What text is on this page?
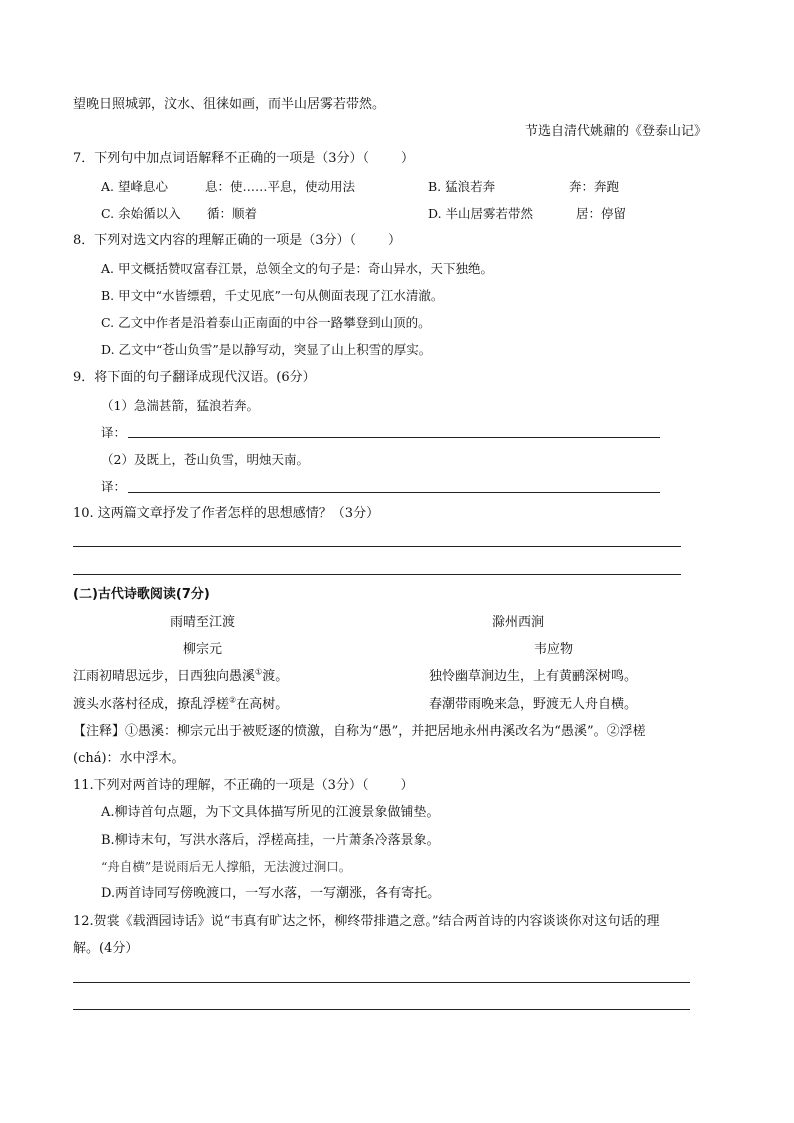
望晚日照城郭，汶水、徂徕如画，而半山居雾若带然。
节选自清代姚鼐的《登泰山记》
7．下列句中加点词语解释不正确的一项是（3分）（ ）
A. 望峰息心	息：使……平息，使动用法	B. 猛浪若奔	奔：奔跑
C. 余始循以入 循：顺着	D. 半山居雾若带然	居：停留
8．下列对选文内容的理解正确的一项是（3分）（ ）
A. 甲文概括赞叹富春江景，总领全文的句子是：奇山异水，天下独绝。
B. 甲文中“水皆缥碧，千丈见底”一句从侧面表现了江水清澈。
C. 乙文中作者是沿着泰山正南面的中谷一路攀登到山顶的。
D. 乙文中“苍山负雪”是以静写动，突显了山上积雪的厚实。
9．将下面的句子翻译成现代汉语。(6分）
（1）急湍甚箭，猛浪若奔。
译：
（2）及既上，苍山负雪，明烛天南。
译：
10. 这两篇文章抒发了作者怎样的思想感情？（3分）
(二)古代诗歌阅读(7分)
雨晴至江渡	滁州西涧
柳宗元	韦应物
江雨初晴思远步，日西独向愚溪①渡。	独怜幽草涧边生，上有黄鹂深树鸣。
渡头水落村径成，撩乱浮槎②在高树。	春潮带雨晚来急，野渡无人舟自横。
【注释】①愚溪：柳宗元出于被贬逐的愤激，自称为“愚”，并把居地永州冉溪改名为“愚溪”。②浮槎
(chá)：水中浮木。
11.下列对两首诗的理解，不正确的一项是（3分）（ ）
A.柳诗首句点题，为下文具体描写所见的江渡景象做铺垫。
B.柳诗末句，写洪水落后，浮槎高挂，一片萧条冷落景象。
“舟自横”是说雨后无人撑船，无法渡过涧口。
D.两首诗同写傍晚渡口，一写水落，一写潮涨，各有寄托。
12.贺裳《载酒园诗话》说“韦真有旷达之怀，柳终带排遣之意。”结合两首诗的内容谈谈你对这句话的理
解。(4分）
